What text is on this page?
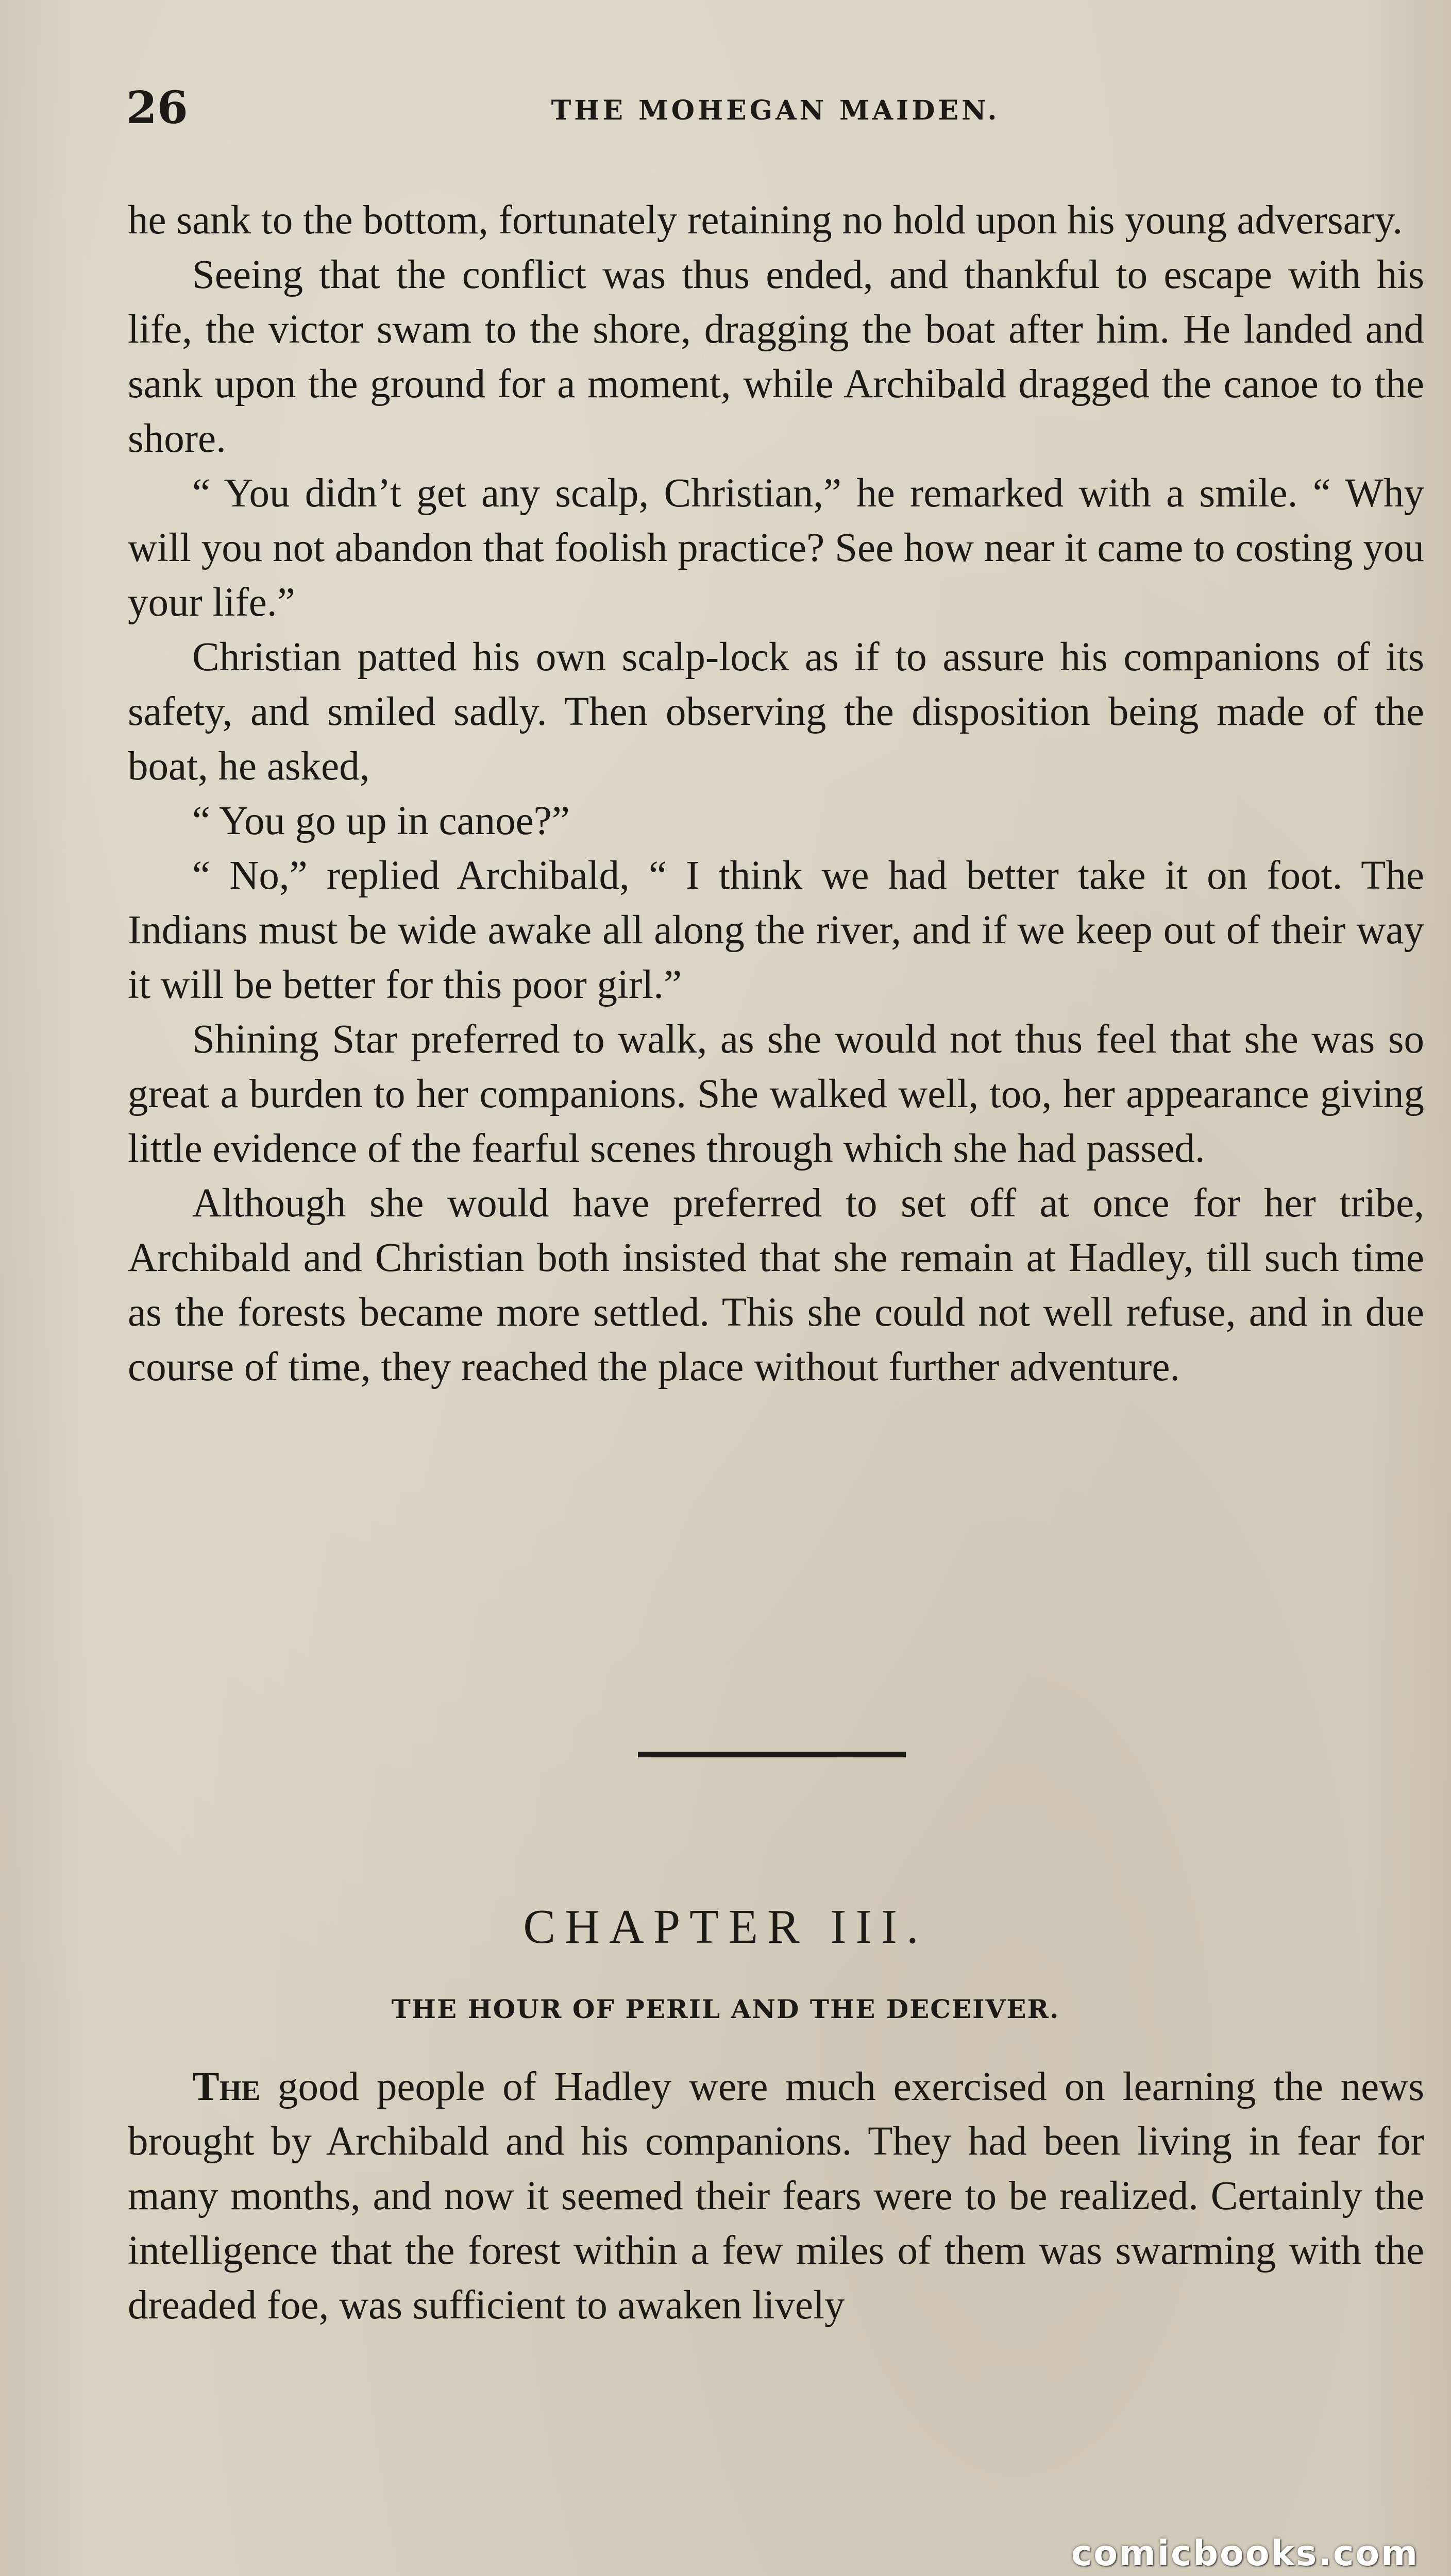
26	THE MOHEGAN MAIDEN.

he sank to the bottom, fortunately retaining no hold upon his young adversary.

Seeing that the conflict was thus ended, and thankful to escape with his life, the victor swam to the shore, dragging the boat after him. He landed and sank upon the ground for a moment, while Archibald dragged the canoe to the shore.

“ You didn’t get any scalp, Christian,” he remarked with a smile. “ Why will you not abandon that foolish practice? See how near it came to costing you your life.”

Christian patted his own scalp-lock as if to assure his companions of its safety, and smiled sadly. Then observing the disposition being made of the boat, he asked,

“ You go up in canoe?”

“ No,” replied Archibald, “ I think we had better take it on foot. The Indians must be wide awake all along the river, and if we keep out of their way it will be better for this poor girl.”

Shining Star preferred to walk, as she would not thus feel that she was so great a burden to her companions. She walked well, too, her appearance giving little evidence of the fearful scenes through which she had passed.

Although she would have preferred to set off at once for her tribe, Archibald and Christian both insisted that she remain at Hadley, till such time as the forests became more settled. This she could not well refuse, and in due course of time, they reached the place without further adventure.

CHAPTER III.
THE HOUR OF PERIL AND THE DECEIVER.

The good people of Hadley were much exercised on learning the news brought by Archibald and his companions. They had been living in fear for many months, and now it seemed their fears were to be realized. Certainly the intelligence that the forest within a few miles of them was swarming with the dreaded foe, was sufficient to awaken lively

comicbooks.com
